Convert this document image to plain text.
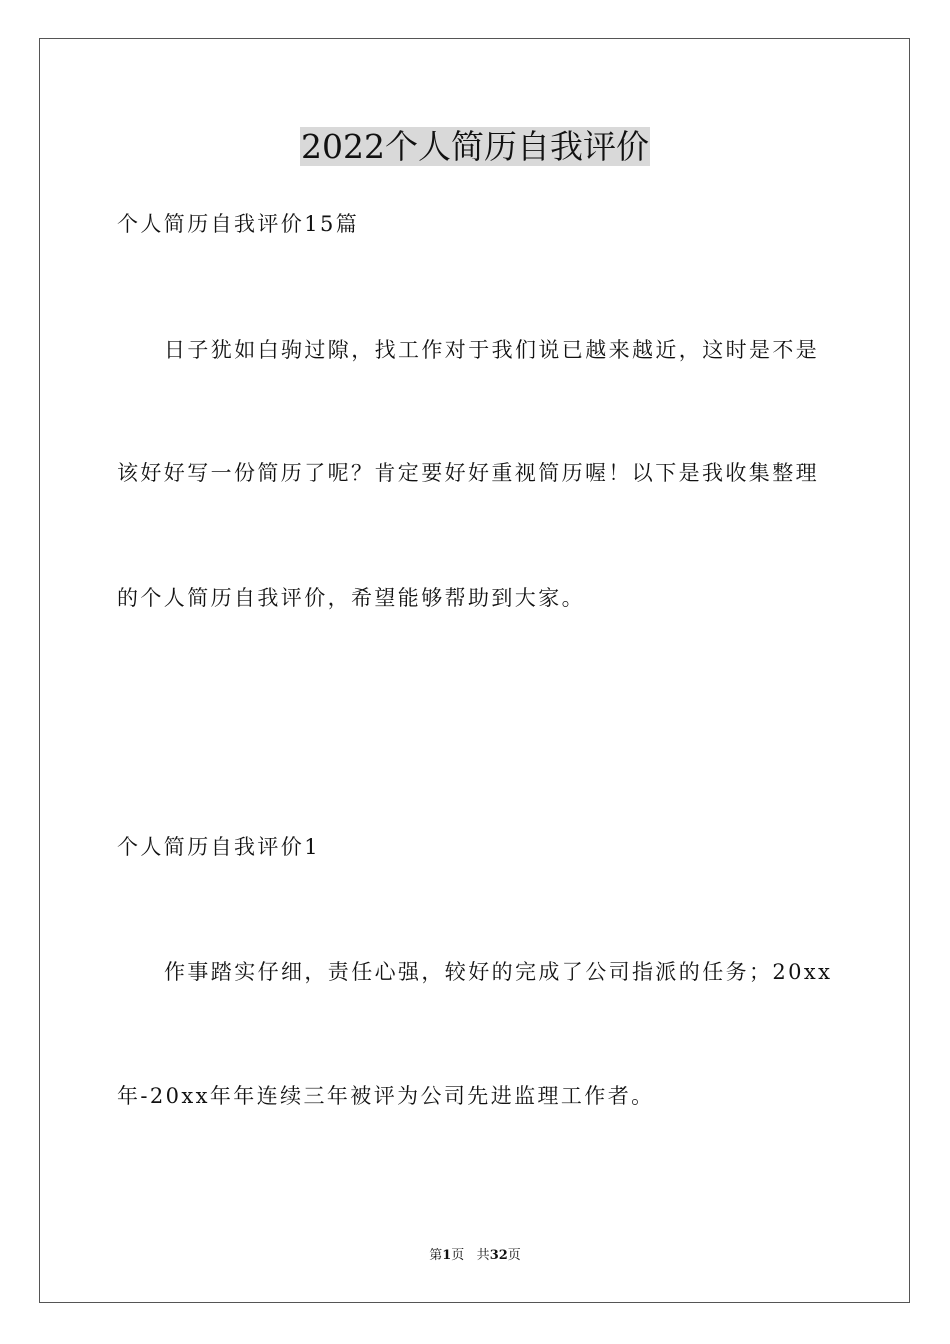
2022个人简历自我评价
个人简历自我评价15篇
日子犹如白驹过隙，找工作对于我们说已越来越近，这时是不是
该好好写一份简历了呢？肯定要好好重视简历喔！以下是我收集整理
的个人简历自我评价，希望能够帮助到大家。
个人简历自我评价1
作事踏实仔细，责任心强，较好的完成了公司指派的任务；20xx
年-20xx年年连续三年被评为公司先进监理工作者。
第1页 共32页
